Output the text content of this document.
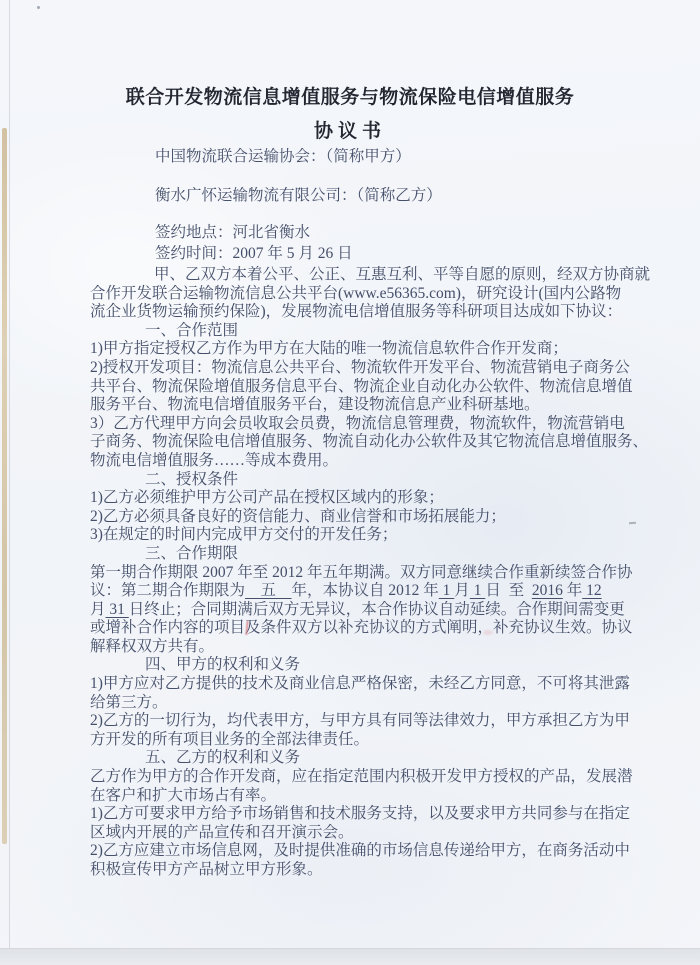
联合开发物流信息增值服务与物流保险电信增值服务
协议书
中国物流联合运输协会：（简称甲方）
衡水广怀运输物流有限公司：（简称乙方）
签约地点：河北省衡水
签约时间：2007 年 5 月 26 日
甲、乙双方本着公平、公正、互惠互利、平等自愿的原则，经双方协商就
合作开发联合运输物流信息公共平台(www.e56365.com)，研究设计(国内公路物
流企业货物运输预约保险)，发展物流电信增值服务等科研项目达成如下协议：
一、合作范围
1)甲方指定授权乙方作为甲方在大陆的唯一物流信息软件合作开发商；
2)授权开发项目：物流信息公共平台、物流软件开发平台、物流营销电子商务公
共平台、物流保险增值服务信息平台、物流企业自动化办公软件、物流信息增值
服务平台、物流电信增值服务平台，建设物流信息产业科研基地。
3）乙方代理甲方向会员收取会员费，物流信息管理费，物流软件，物流营销电
子商务、物流保险电信增值服务、物流自动化办公软件及其它物流信息增值服务、
物流电信增值服务……等成本费用。
二、授权条件
1)乙方必须维护甲方公司产品在授权区域内的形象；
2)乙方必须具备良好的资信能力、商业信誉和市场拓展能力；
3)在规定的时间内完成甲方交付的开发任务；
三、合作期限
第一期合作期限 2007 年至 2012 年五年期满。双方同意继续合作重新续签合作协
议：第二期合作期限为　五　年，本协议自 2012 年 1 月 1 日  至  2016 年 12
月 31 日终止；合同期满后双方无异议，本合作协议自动延续。合作期间需变更
或增补合作内容的项目及条件双方以补充协议的方式阐明，补充协议生效。协议
解释权双方共有。
四、甲方的权利和义务
1)甲方应对乙方提供的技术及商业信息严格保密，未经乙方同意，不可将其泄露
给第三方。
2)乙方的一切行为，均代表甲方，与甲方具有同等法律效力，甲方承担乙方为甲
方开发的所有项目业务的全部法律责任。
五、乙方的权利和义务
乙方作为甲方的合作开发商，应在指定范围内积极开发甲方授权的产品，发展潜
在客户和扩大市场占有率。
1)乙方可要求甲方给予市场销售和技术服务支持，以及要求甲方共同参与在指定
区域内开展的产品宣传和召开演示会。
2)乙方应建立市场信息网，及时提供准确的市场信息传递给甲方，在商务活动中
积极宣传甲方产品树立甲方形象。
